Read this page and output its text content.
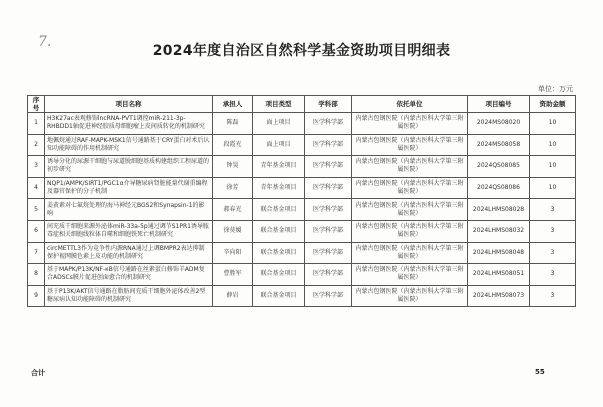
7.
2024年度自治区自然科学基金资助项目明细表
单位：万元
序号	项目名称	承担人	项目类型	学科部	依托单位	项目编号	资助金额
1	H3K27ac表观修饰lncRNA-PVT1调控miR-211-3p-RHBDD1轴促进神经胶质母细胞瘤上皮间质转化的机制研究	陈磊	面上项目	医学科学部	内蒙古包钢医院（内蒙古医科大学第三附属医院）	2024MS08020	10
2	地佩烷通过RAF-MAPK-MSK1信号通路基于CRY蛋白对术后认知功能障碍的作用机制研究	段霞光	面上项目	医学科学部	内蒙古包钢医院（内蒙古医科大学第三附属医院）	2024MS08058	10
3	诱导分化的尿源干细胞与尿道脱细胞基质构建组织工程尿道的初步研究	钟昊	青年基金项目	医学科学部	内蒙古包钢医院（内蒙古医科大学第三附属医院）	2024QS08085	10
4	NQP1/AMPK/SIRT1/PGC1α介导糖尿病肾脏能量代谢重编程及器官保护的分子机制	徐芳	青年基金项目	医学科学部	内蒙古包钢医院（内蒙古医科大学第三附属医院）	2024QS08086	10
5	姜黄素对七氟烷处理的海马神经元BGS2和Synapsin-1的影响	郝春光	联合基金项目	医学科学部	内蒙古包钢医院（内蒙古医科大学第三附属医院）	2024LHMS08028	3
6	间充质干细胞来源外泌体miR-33a-5p通过调节S1PR1诱导脓毒症相关细胞线粒体自噬和细胞铁死亡机制研究	徐莫媛	联合基金项目	医学科学部	内蒙古包钢医院（内蒙古医科大学第三附属医院）	2024LHMS08032	3
7	circMETTL3作为竞争性内源RNA通过上调BMPR2表达抑制保护视网膜色素上皮功能的机制研究	辛向阳	联合基金项目	医学科学部	内蒙古包钢医院（内蒙古医科大学第三附属医院）	2024LHMS08048	3
8	基于MAPK/P13K/NF-κB信号通路在丝素蛋白修饰羊ADM复合ADSCs膜片促进创面愈合的机制研究	曹胜军	联合基金项目	医学科学部	内蒙古包钢医院（内蒙古医科大学第三附属医院）	2024LHMS08051	3
9	基于P13K/AKT信号通路在脂肪间充质干细胞外泌体改善2型糖尿病认知功能障碍的机制研究	薛岩	联合基金项目	医学科学部	内蒙古包钢医院（内蒙古医科大学第三附属医院）	2024LHMS08073	3
合计	55
